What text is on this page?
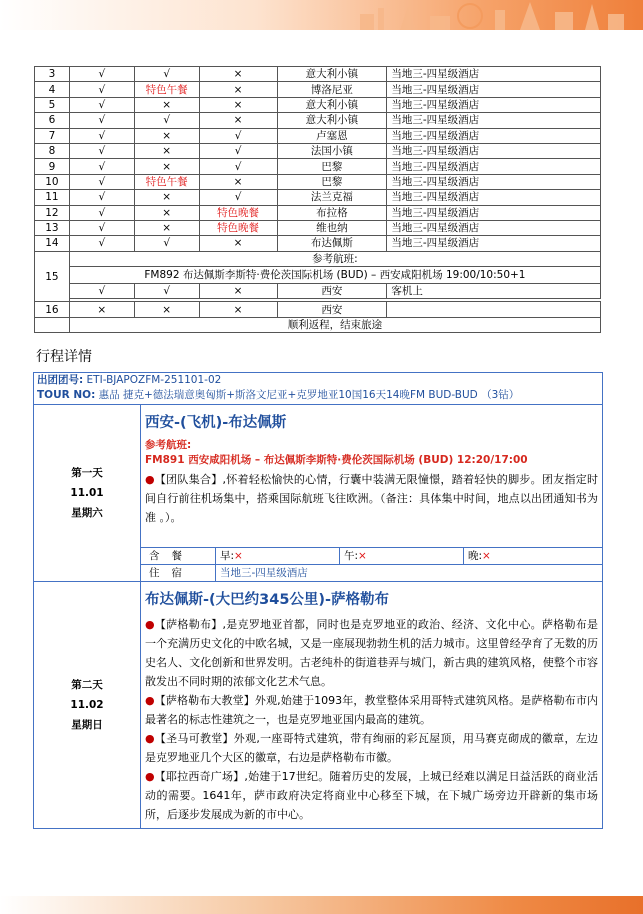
3	√	√	×	意大利小镇	当地三-四星级酒店
4	√	特色午餐	×	博洛尼亚	当地三-四星级酒店
5	√	×	×	意大利小镇	当地三-四星级酒店
6	√	√	×	意大利小镇	当地三-四星级酒店
7	√	×	√	卢塞恩	当地三-四星级酒店
8	√	×	√	法国小镇	当地三-四星级酒店
9	√	×	√	巴黎	当地三-四星级酒店
10	√	特色午餐	×	巴黎	当地三-四星级酒店
11	√	×	√	法兰克福	当地三-四星级酒店
12	√	×	特色晚餐	布拉格	当地三-四星级酒店
13	√	×	特色晚餐	维也纳	当地三-四星级酒店
14	√	√	×	布达佩斯	当地三-四星级酒店
15	参考航班:				
	FM892 布达佩斯李斯特·费伦茨国际机场 (BUD) – 西安咸阳机场 19:00/10:50+1				
	√	√	×	西安	客机上

16	×	×	×	西安	
	顺利返程，结束旅途				
行程详情
出团团号: ETI-BJAPOZFM-251101-02
TOUR NO: 惠品 捷克+德法瑞意奥匈斯+斯洛文尼亚+克罗地亚10国16天14晚FM BUD-BUD （3钻）
第一天
11.01
星期六

西安-(飞机)-布达佩斯
参考航班:
FM891 西安咸阳机场 – 布达佩斯李斯特·费伦茨国际机场 (BUD) 12:20/17:00

●【团队集合】,怀着轻松愉快的心情，行囊中装满无限憧憬，踏着轻快的脚步。团友指定时间自行前往机场集中，搭乘国际航班飞往欧洲。（备注：具体集中时间，地点以出团通知书为准 。）。

含餐	早:×	午:×	晚:×
住宿	当地三-四星级酒店

第二天
11.02
星期日

布达佩斯-(大巴约345公里)-萨格勒布

●【萨格勒布】,是克罗地亚首都，同时也是克罗地亚的政治、经济、文化中心。萨格勒布是一个充满历史文化的中欧名城，又是一座展现勃勃生机的活力城市。这里曾经孕育了无数的历史名人、文化创新和世界发明。古老纯朴的街道巷弄与城门，新古典的建筑风格，使整个市容散发出不同时期的浓郁文化艺术气息。

●【萨格勒布大教堂】外观,始建于1093年，教堂整体采用哥特式建筑风格。是萨格勒布市内最著名的标志性建筑之一，也是克罗地亚国内最高的建筑。

●【圣马可教堂】外观,一座哥特式建筑，带有绚丽的彩瓦屋顶，用马赛克砌成的徽章，左边是克罗地亚几个大区的徽章，右边是萨格勒布市徽。

●【耶拉西奇广场】,始建于17世纪。随着历史的发展，上城已经难以满足日益活跃的商业活动的需要。1641年，萨市政府决定将商业中心移至下城，在下城广场旁边开辟新的集市场所，后逐步发展成为新的市中心。
